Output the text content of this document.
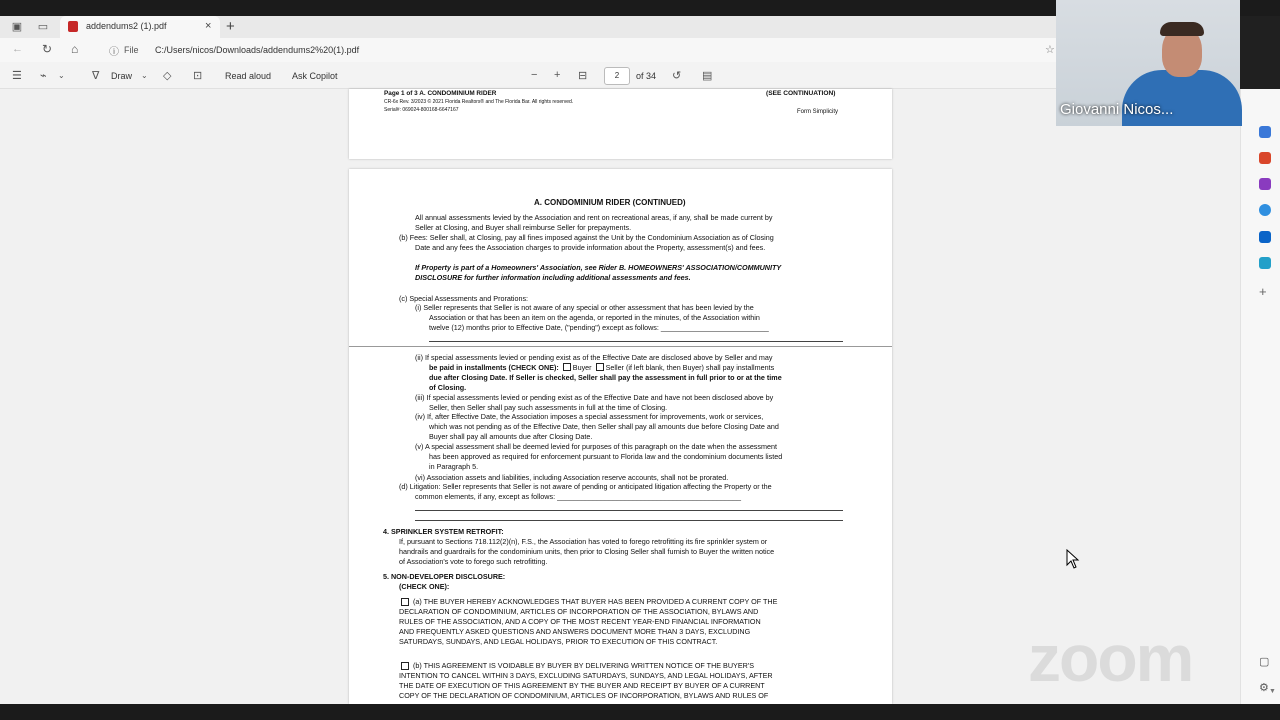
▣ ▭	addendums2 (1).pdf	× +
← ↻ ⌂	ⓘ File C:/Users/nicos/Downloads/addendums2%20(1).pdf	☆
☰ ⌁ ⌄ ∇ Draw ⌄ ◇ ⊡	Read aloud Ask Copilot	− + ⊟	2	of 34 ↺ ▤
+
▢
⚙ ▼
Page 1 of 3 A. CONDOMINIUM RIDER	(SEE CONTINUATION)
CR-6x Rev. 3/2023 © 2021 Florida Realtors® and The Florida Bar. All rights reserved.
Serial#: 069024-800168-6647167	Form Simplicity
A. CONDOMINIUM RIDER (CONTINUED)
All annual assessments levied by the Association and rent on recreational areas, if any, shall be made current by
Seller at Closing, and Buyer shall reimburse Seller for prepayments.
(b) Fees: Seller shall, at Closing, pay all fines imposed against the Unit by the Condominium Association as of Closing
Date and any fees the Association charges to provide information about the Property, assessment(s) and fees.
If Property is part of a Homeowners' Association, see Rider B. HOMEOWNERS' ASSOCIATION/COMMUNITY
DISCLOSURE for further information including additional assessments and fees.
(c) Special Assessments and Prorations:
(i) Seller represents that Seller is not aware of any special or other assessment that has been levied by the
Association or that has been an item on the agenda, or reported in the minutes, of the Association within
twelve (12) months prior to Effective Date, ("pending") except as follows: ___________________________
(ii) If special assessments levied or pending exist as of the Effective Date are disclosed above by Seller and may
be paid in installments (CHECK ONE): Buyer Seller (if left blank, then Buyer) shall pay installments
due after Closing Date. If Seller is checked, Seller shall pay the assessment in full prior to or at the time
of Closing.
(iii) If special assessments levied or pending exist as of the Effective Date and have not been disclosed above by
Seller, then Seller shall pay such assessments in full at the time of Closing.
(iv) If, after Effective Date, the Association imposes a special assessment for improvements, work or services,
which was not pending as of the Effective Date, then Seller shall pay all amounts due before Closing Date and
Buyer shall pay all amounts due after Closing Date.
(v) A special assessment shall be deemed levied for purposes of this paragraph on the date when the assessment
has been approved as required for enforcement pursuant to Florida law and the condominium documents listed
in Paragraph 5.
(vi) Association assets and liabilities, including Association reserve accounts, shall not be prorated.
(d) Litigation: Seller represents that Seller is not aware of pending or anticipated litigation affecting the Property or the
common elements, if any, except as follows: ______________________________________________
4. SPRINKLER SYSTEM RETROFIT:
If, pursuant to Sections 718.112(2)(n), F.S., the Association has voted to forego retrofitting its fire sprinkler system or
handrails and guardrails for the condominium units, then prior to Closing Seller shall furnish to Buyer the written notice
of Association's vote to forego such retrofitting.
5. NON-DEVELOPER DISCLOSURE:
(CHECK ONE):
(a) THE BUYER HEREBY ACKNOWLEDGES THAT BUYER HAS BEEN PROVIDED A CURRENT COPY OF THE
DECLARATION OF CONDOMINIUM, ARTICLES OF INCORPORATION OF THE ASSOCIATION, BYLAWS AND
RULES OF THE ASSOCIATION, AND A COPY OF THE MOST RECENT YEAR-END FINANCIAL INFORMATION
AND FREQUENTLY ASKED QUESTIONS AND ANSWERS DOCUMENT MORE THAN 3 DAYS, EXCLUDING
SATURDAYS, SUNDAYS, AND LEGAL HOLIDAYS, PRIOR TO EXECUTION OF THIS CONTRACT.
(b) THIS AGREEMENT IS VOIDABLE BY BUYER BY DELIVERING WRITTEN NOTICE OF THE BUYER'S
INTENTION TO CANCEL WITHIN 3 DAYS, EXCLUDING SATURDAYS, SUNDAYS, AND LEGAL HOLIDAYS, AFTER
THE DATE OF EXECUTION OF THIS AGREEMENT BY THE BUYER AND RECEIPT BY BUYER OF A CURRENT
COPY OF THE DECLARATION OF CONDOMINIUM, ARTICLES OF INCORPORATION, BYLAWS AND RULES OF
zoom
Giovanni Nicos...
